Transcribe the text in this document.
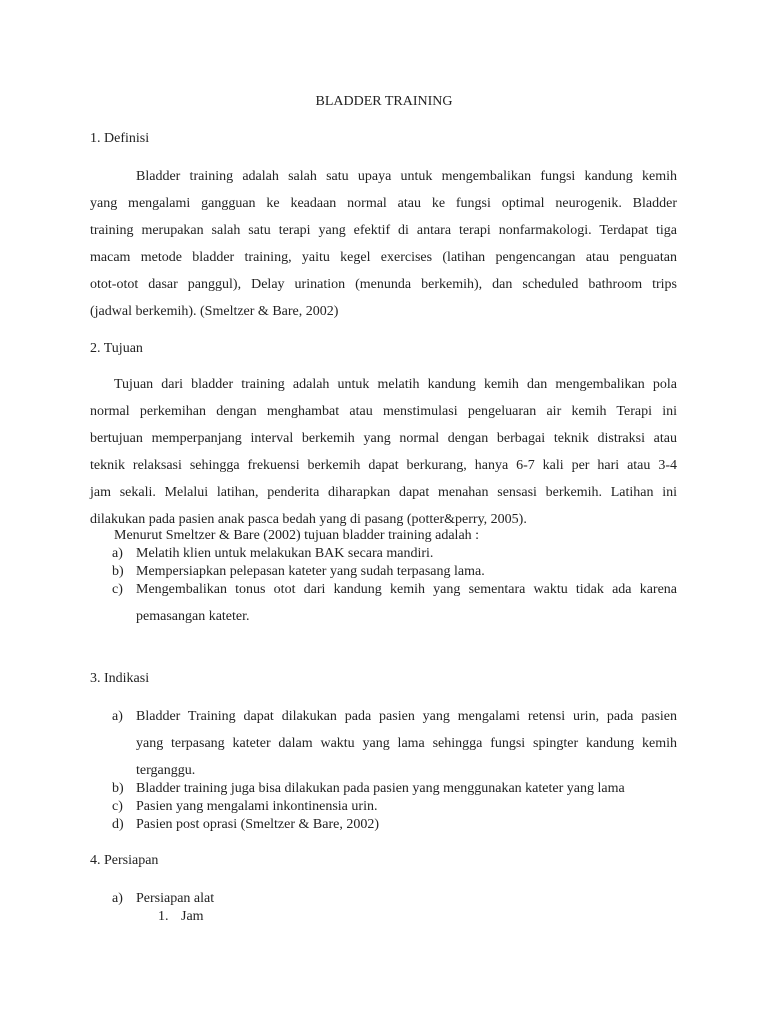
BLADDER TRAINING
1. Definisi
Bladder training adalah salah satu upaya untuk mengembalikan fungsi kandung kemih
yang mengalami gangguan ke keadaan normal atau ke fungsi optimal neurogenik. Bladder
training merupakan salah satu terapi yang efektif di antara terapi nonfarmakologi. Terdapat tiga
macam metode bladder training, yaitu kegel exercises (latihan pengencangan atau penguatan
otot-otot dasar panggul), Delay urination (menunda berkemih), dan scheduled bathroom trips
(jadwal berkemih). (Smeltzer & Bare, 2002)
2. Tujuan
Tujuan dari bladder training adalah untuk melatih kandung kemih dan mengembalikan pola
normal perkemihan dengan menghambat atau menstimulasi pengeluaran air kemih Terapi ini
bertujuan memperpanjang interval berkemih yang normal dengan berbagai teknik distraksi atau
teknik relaksasi sehingga frekuensi berkemih dapat berkurang, hanya 6-7 kali per hari atau 3-4
jam sekali. Melalui latihan, penderita diharapkan dapat menahan sensasi berkemih. Latihan ini
dilakukan pada pasien anak pasca bedah yang di pasang (potter&perry, 2005).
Menurut Smeltzer & Bare (2002) tujuan bladder training adalah :
a) Melatih klien untuk melakukan BAK secara mandiri.
b) Mempersiapkan pelepasan kateter yang sudah terpasang lama.
c) Mengembalikan tonus otot dari kandung kemih yang sementara waktu tidak ada karena
pemasangan kateter.
3. Indikasi
a) Bladder Training dapat dilakukan pada pasien yang mengalami retensi urin, pada pasien
yang terpasang kateter dalam waktu yang lama sehingga fungsi spingter kandung kemih
terganggu.
b) Bladder training juga bisa dilakukan pada pasien yang menggunakan kateter yang lama
c) Pasien yang mengalami inkontinensia urin.
d) Pasien post oprasi (Smeltzer & Bare, 2002)
4. Persiapan
a) Persiapan alat
1. Jam
